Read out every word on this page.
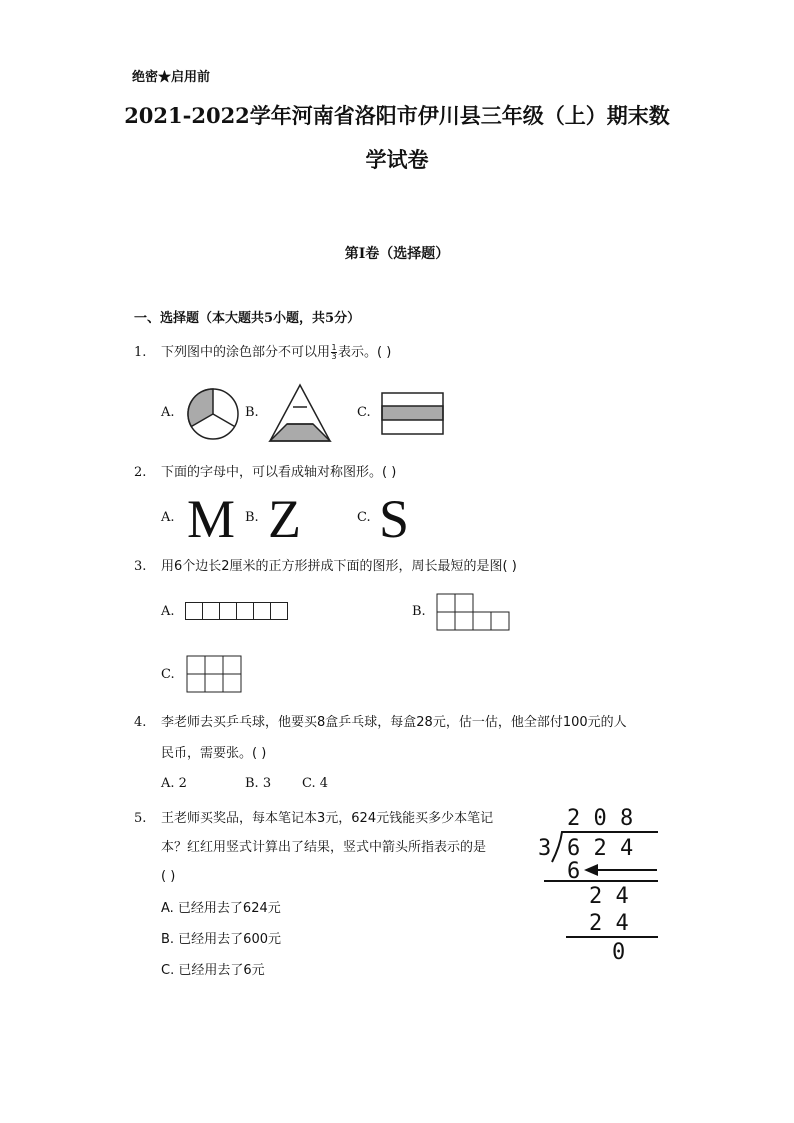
绝密★启用前
2021-2022学年河南省洛阳市伊川县三年级（上）期末数
学试卷
第I卷（选择题）
一、选择题（本大题共5小题，共5分）
1. 下列图中的涂色部分不可以用 $\frac{1}{3}$ 表示。( )
A.	B.	C.
2. 下面的字母中，可以看成轴对称图形。( )
A. M B. Z	C. S
3. 用6个边长2厘米的正方形拼成下面的图形，周长最短的是图( )
A.
						B.
C.
4. 李老师去买乒乓球，他要买8盒乒乓球，每盒28元，估一估，他全部付100元的人
民币，需要张。( )
A. 2	B. 3 C. 4
5. 王老师买奖品，每本笔记本3元，624元钱能买多少本笔记
本？红红用竖式计算出了结果，竖式中箭头所指表示的是
( )
A. 已经用去了624元
B. 已经用去了600元
C. 已经用去了6元
2 0 8
3 6 2 4
6
2 4
2 4
0
